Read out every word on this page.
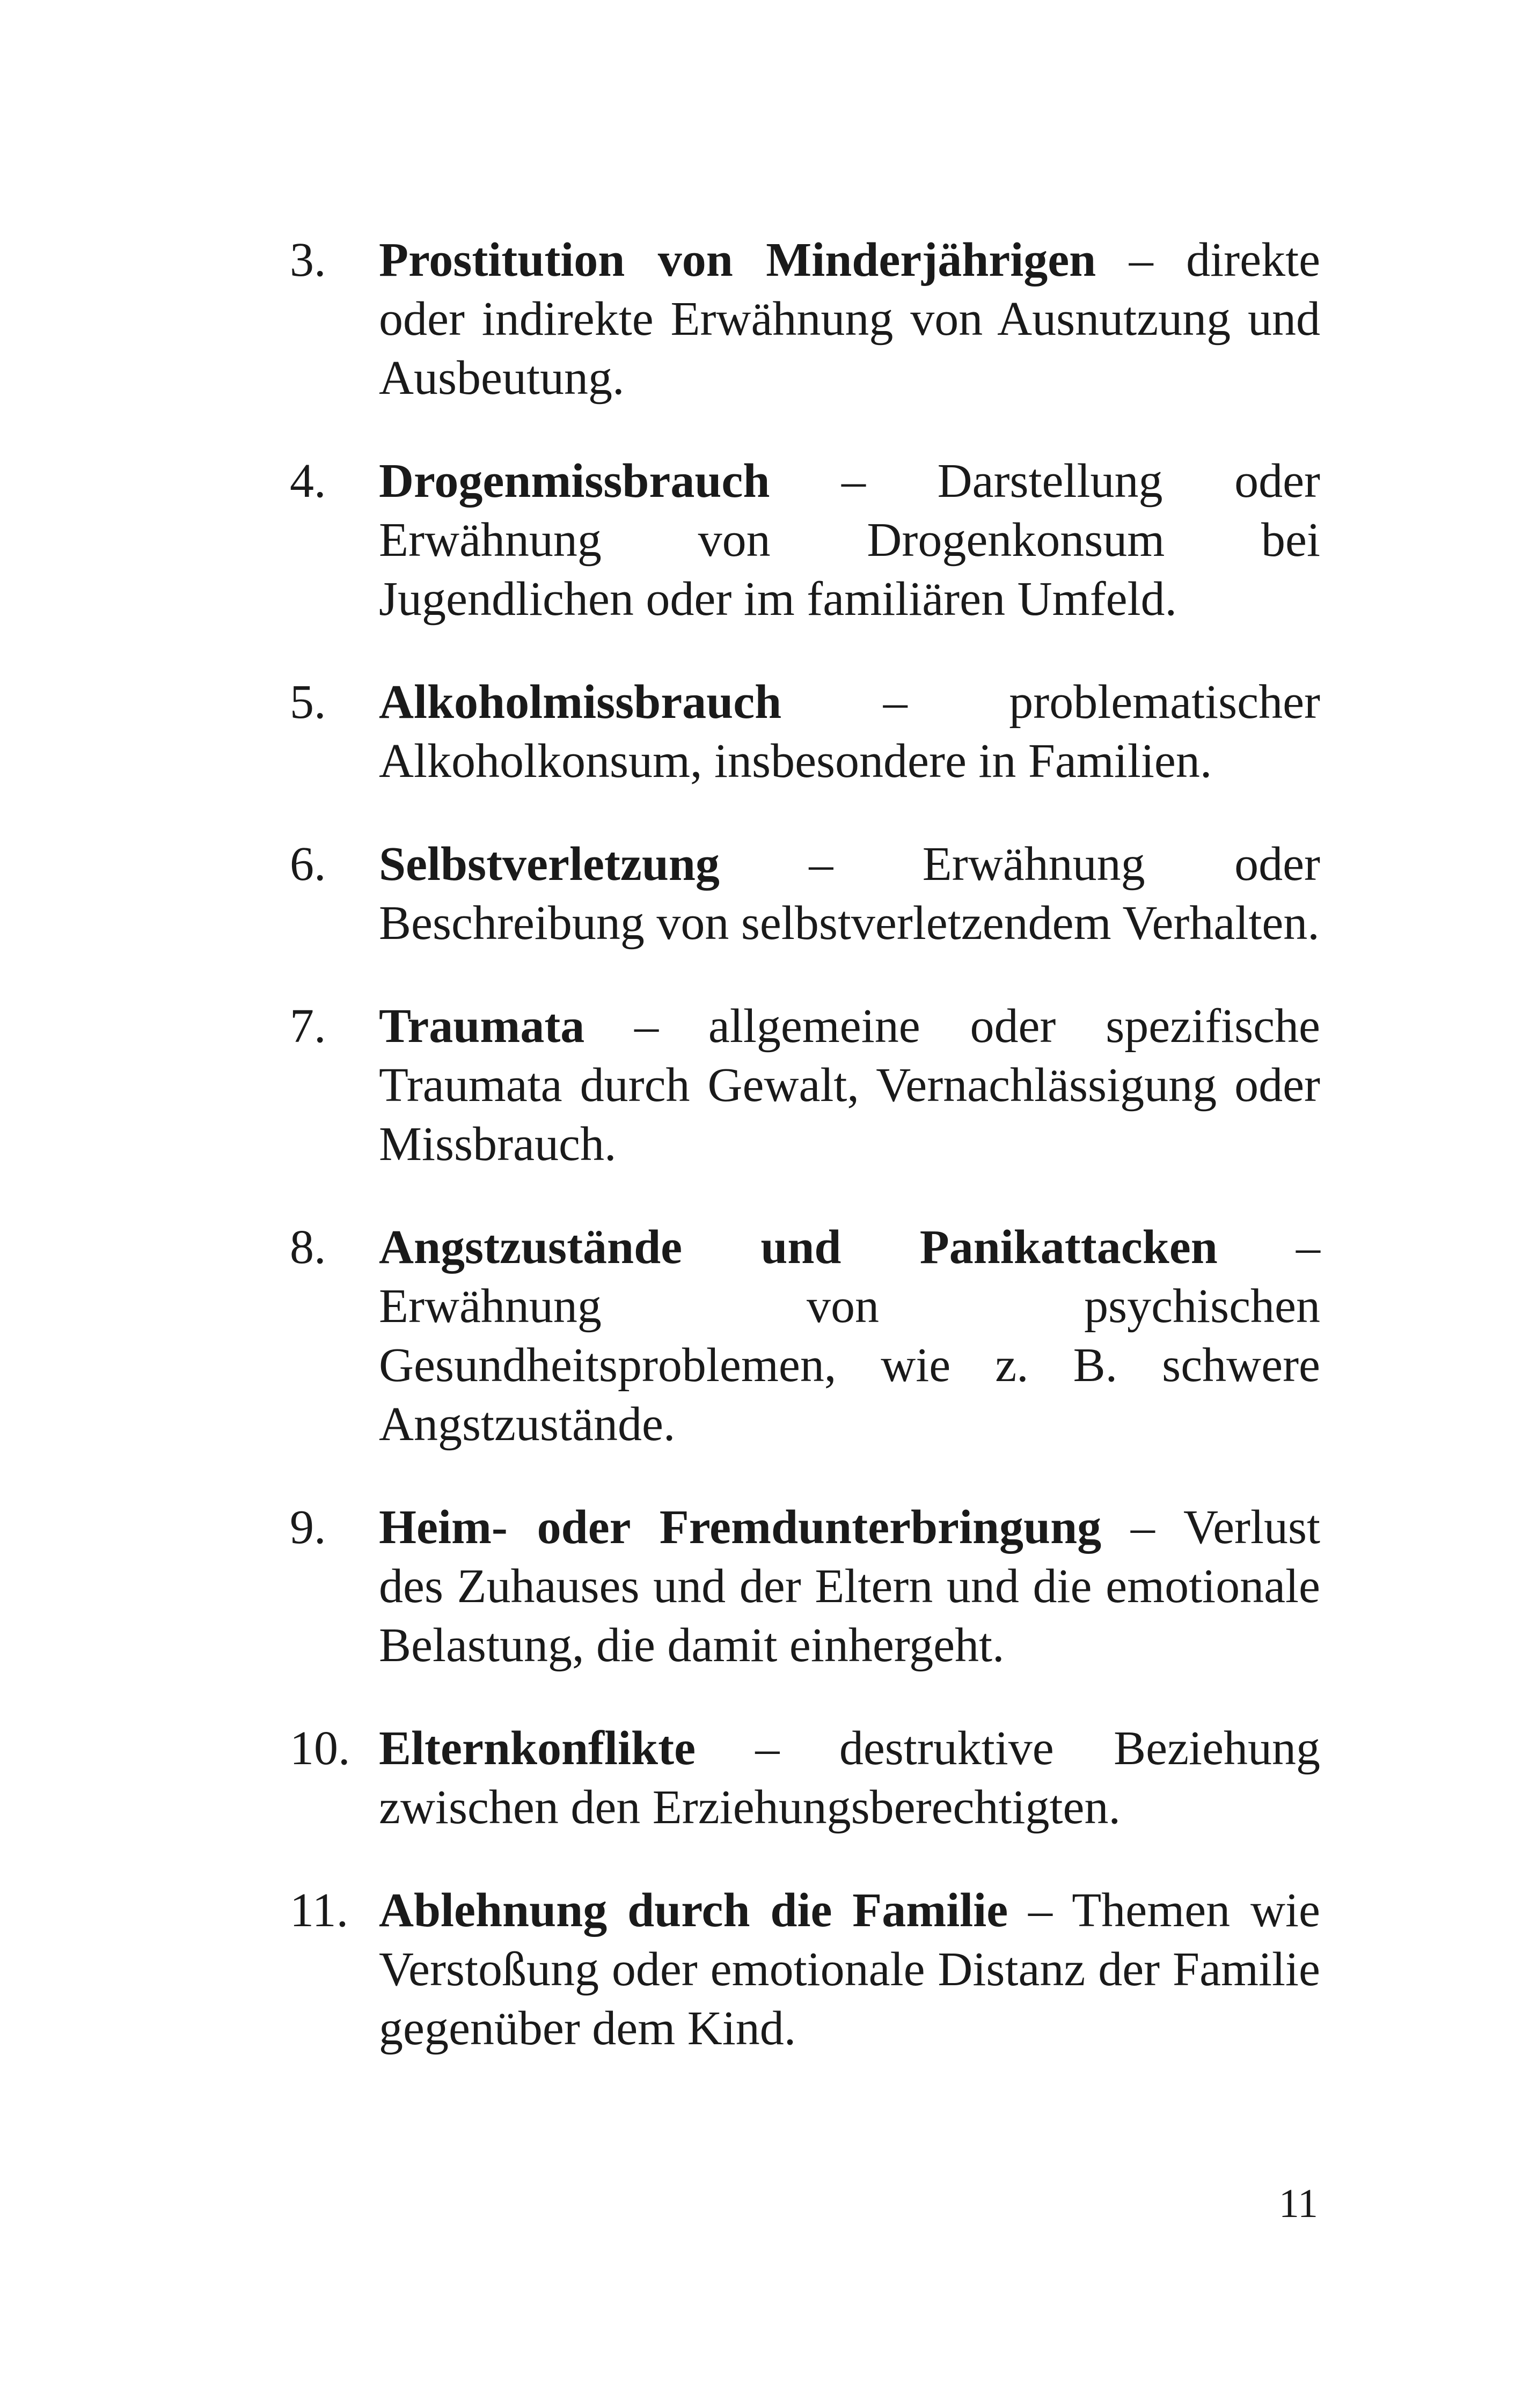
3.	Prostitution von Minderjährigen – direkte oder indirekte Erwähnung von Ausnutzung und Ausbeutung.
4.	Drogenmissbrauch – Darstellung oder Erwähnung von Drogenkonsum bei Jugendlichen oder im familiären Umfeld.
5.	Alkoholmissbrauch – problematischer Alkoholkonsum, insbesondere in Familien.
6.	Selbstverletzung – Erwähnung oder Beschreibung von selbstverletzendem Verhalten.
7.	Traumata – allgemeine oder spezifische Traumata durch Gewalt, Vernachlässigung oder Missbrauch.
8.	Angstzustände und Panikattacken – Erwähnung von psychischen Gesundheitsproblemen, wie z. B. schwere Angstzustände.
9.	Heim- oder Fremdunterbringung – Verlust des Zuhauses und der Eltern und die emotionale Belastung, die damit einhergeht.
10. Elternkonflikte – destruktive Beziehung zwischen den Erziehungsberechtigten.
11. Ablehnung durch die Familie – Themen wie Verstoßung oder emotionale Distanz der Familie gegenüber dem Kind.
11
